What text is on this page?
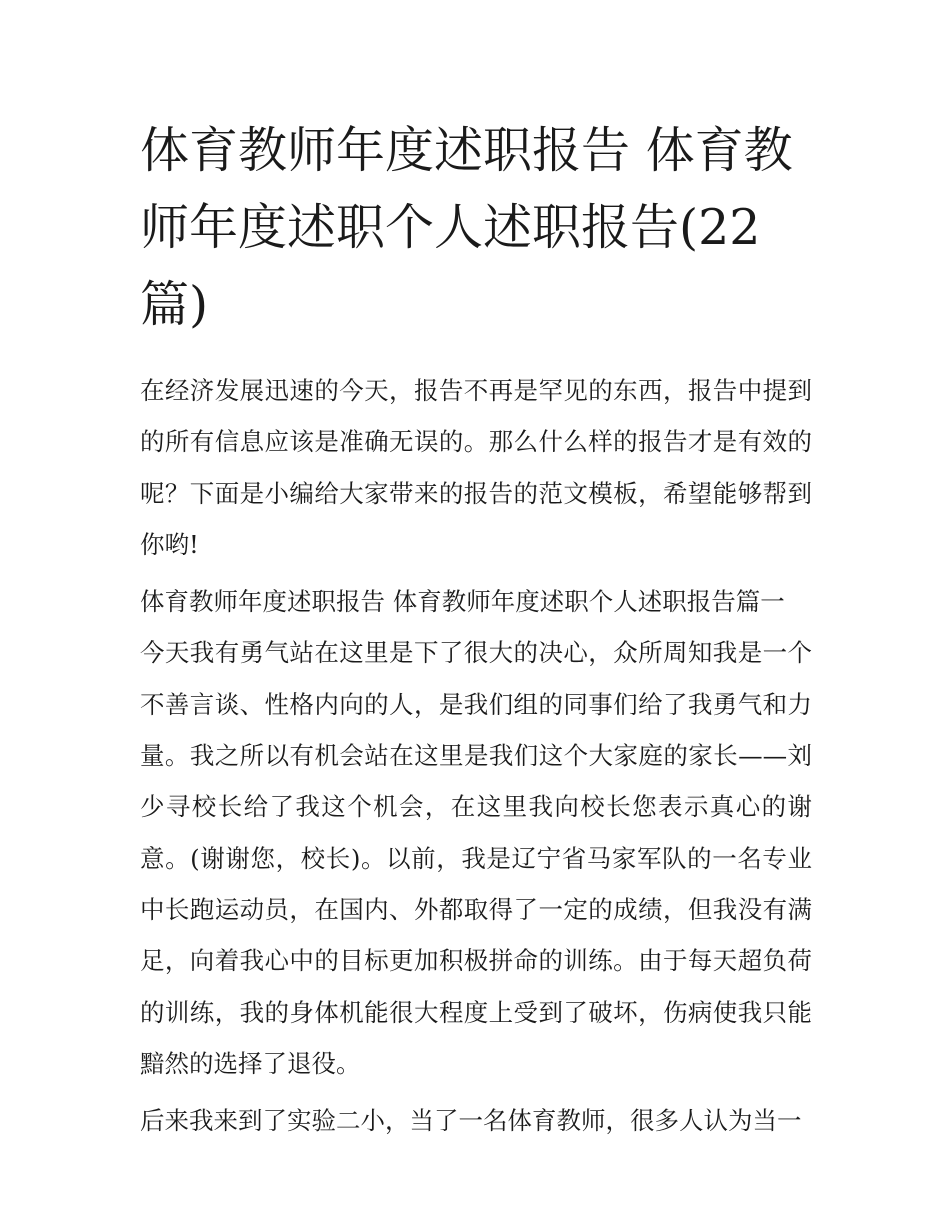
体育教师年度述职报告 体育教师年度述职个人述职报告(22篇)

在经济发展迅速的今天，报告不再是罕见的东西，报告中提到的所有信息应该是准确无误的。那么什么样的报告才是有效的呢？下面是小编给大家带来的报告的范文模板，希望能够帮到你哟!

体育教师年度述职报告 体育教师年度述职个人述职报告篇一

今天我有勇气站在这里是下了很大的决心，众所周知我是一个不善言谈、性格内向的人，是我们组的同事们给了我勇气和力量。我之所以有机会站在这里是我们这个大家庭的家长——刘少寻校长给了我这个机会，在这里我向校长您表示真心的谢意。(谢谢您，校长)。以前，我是辽宁省马家军队的一名专业中长跑运动员，在国内、外都取得了一定的成绩，但我没有满足，向着我心中的目标更加积极拼命的训练。由于每天超负荷的训练，我的身体机能很大程度上受到了破坏，伤病使我只能黯然的选择了退役。

后来我来到了实验二小，当了一名体育教师，很多人认为当一
